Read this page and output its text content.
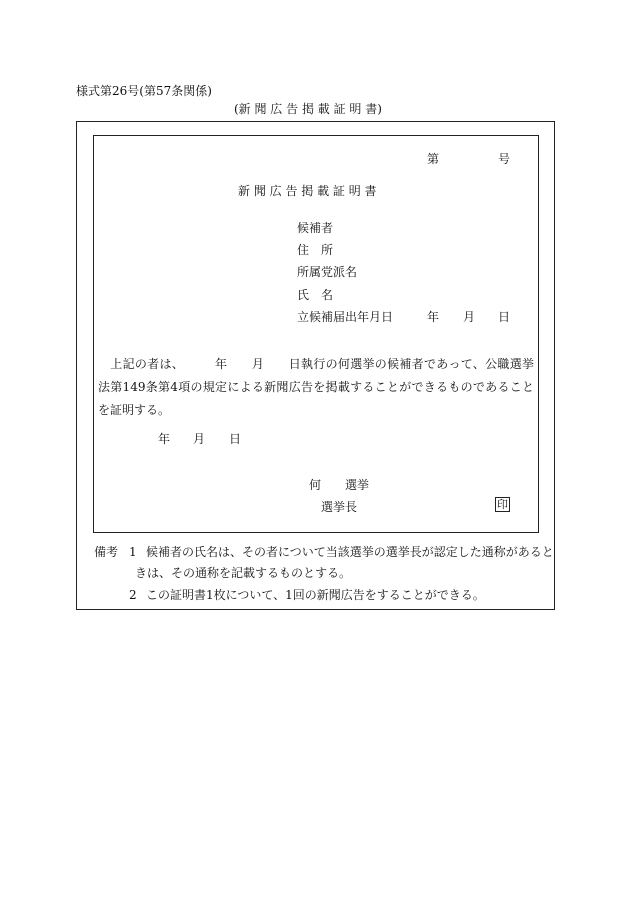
様式第26号(第57条関係)
(新 聞 広 告 掲 載 証 明 書)
第	号
新 聞 広 告 掲 載 証 明 書
候補者
住　所
所属党派名
氏　名
立候補届出年月日	年 月 日
上記の者は、　　　年　　月　　日執行の何選挙の候補者であって、公職選挙法第149条第4項の規定による新聞広告を掲載することができるものであることを証明する。
年 月 日
何　　選挙
選挙長	印
備考 1 候補者の氏名は、その者について当該選挙の選挙長が認定した通称があると
きは、その通称を記載するものとする。
2 この証明書1枚について、1回の新聞広告をすることができる。
